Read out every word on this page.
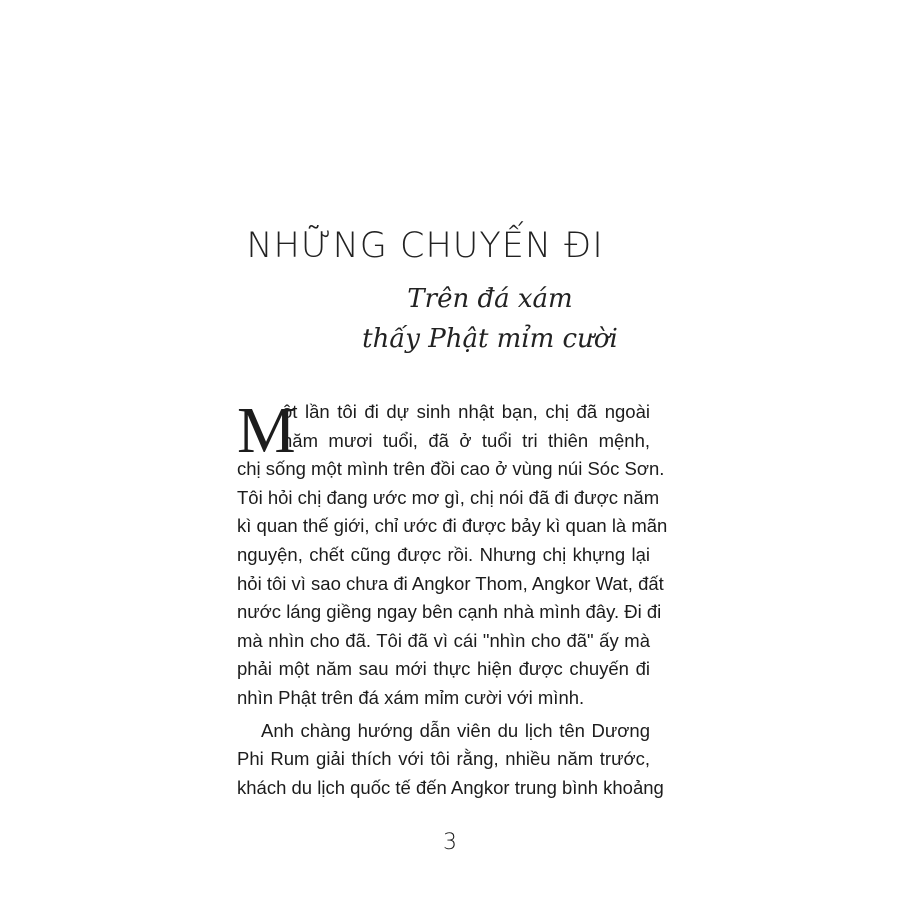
NHỮNG CHUYẾN ĐI
Trên đá xám
thấy Phật mỉm cười
M
ột lần tôi đi dự sinh nhật bạn, chị đã ngoài
năm mươi tuổi, đã ở tuổi tri thiên mệnh,
chị sống một mình trên đồi cao ở vùng núi Sóc Sơn.
Tôi hỏi chị đang ước mơ gì, chị nói đã đi được năm
kì quan thế giới, chỉ ước đi được bảy kì quan là mãn
nguyện, chết cũng được rồi. Nhưng chị khựng lại
hỏi tôi vì sao chưa đi Angkor Thom, Angkor Wat, đất
nước láng giềng ngay bên cạnh nhà mình đây. Đi đi
mà nhìn cho đã. Tôi đã vì cái "nhìn cho đã" ấy mà
phải một năm sau mới thực hiện được chuyến đi
nhìn Phật trên đá xám mỉm cười với mình.
Anh chàng hướng dẫn viên du lịch tên Dương
Phi Rum giải thích với tôi rằng, nhiều năm trước,
khách du lịch quốc tế đến Angkor trung bình khoảng
3
